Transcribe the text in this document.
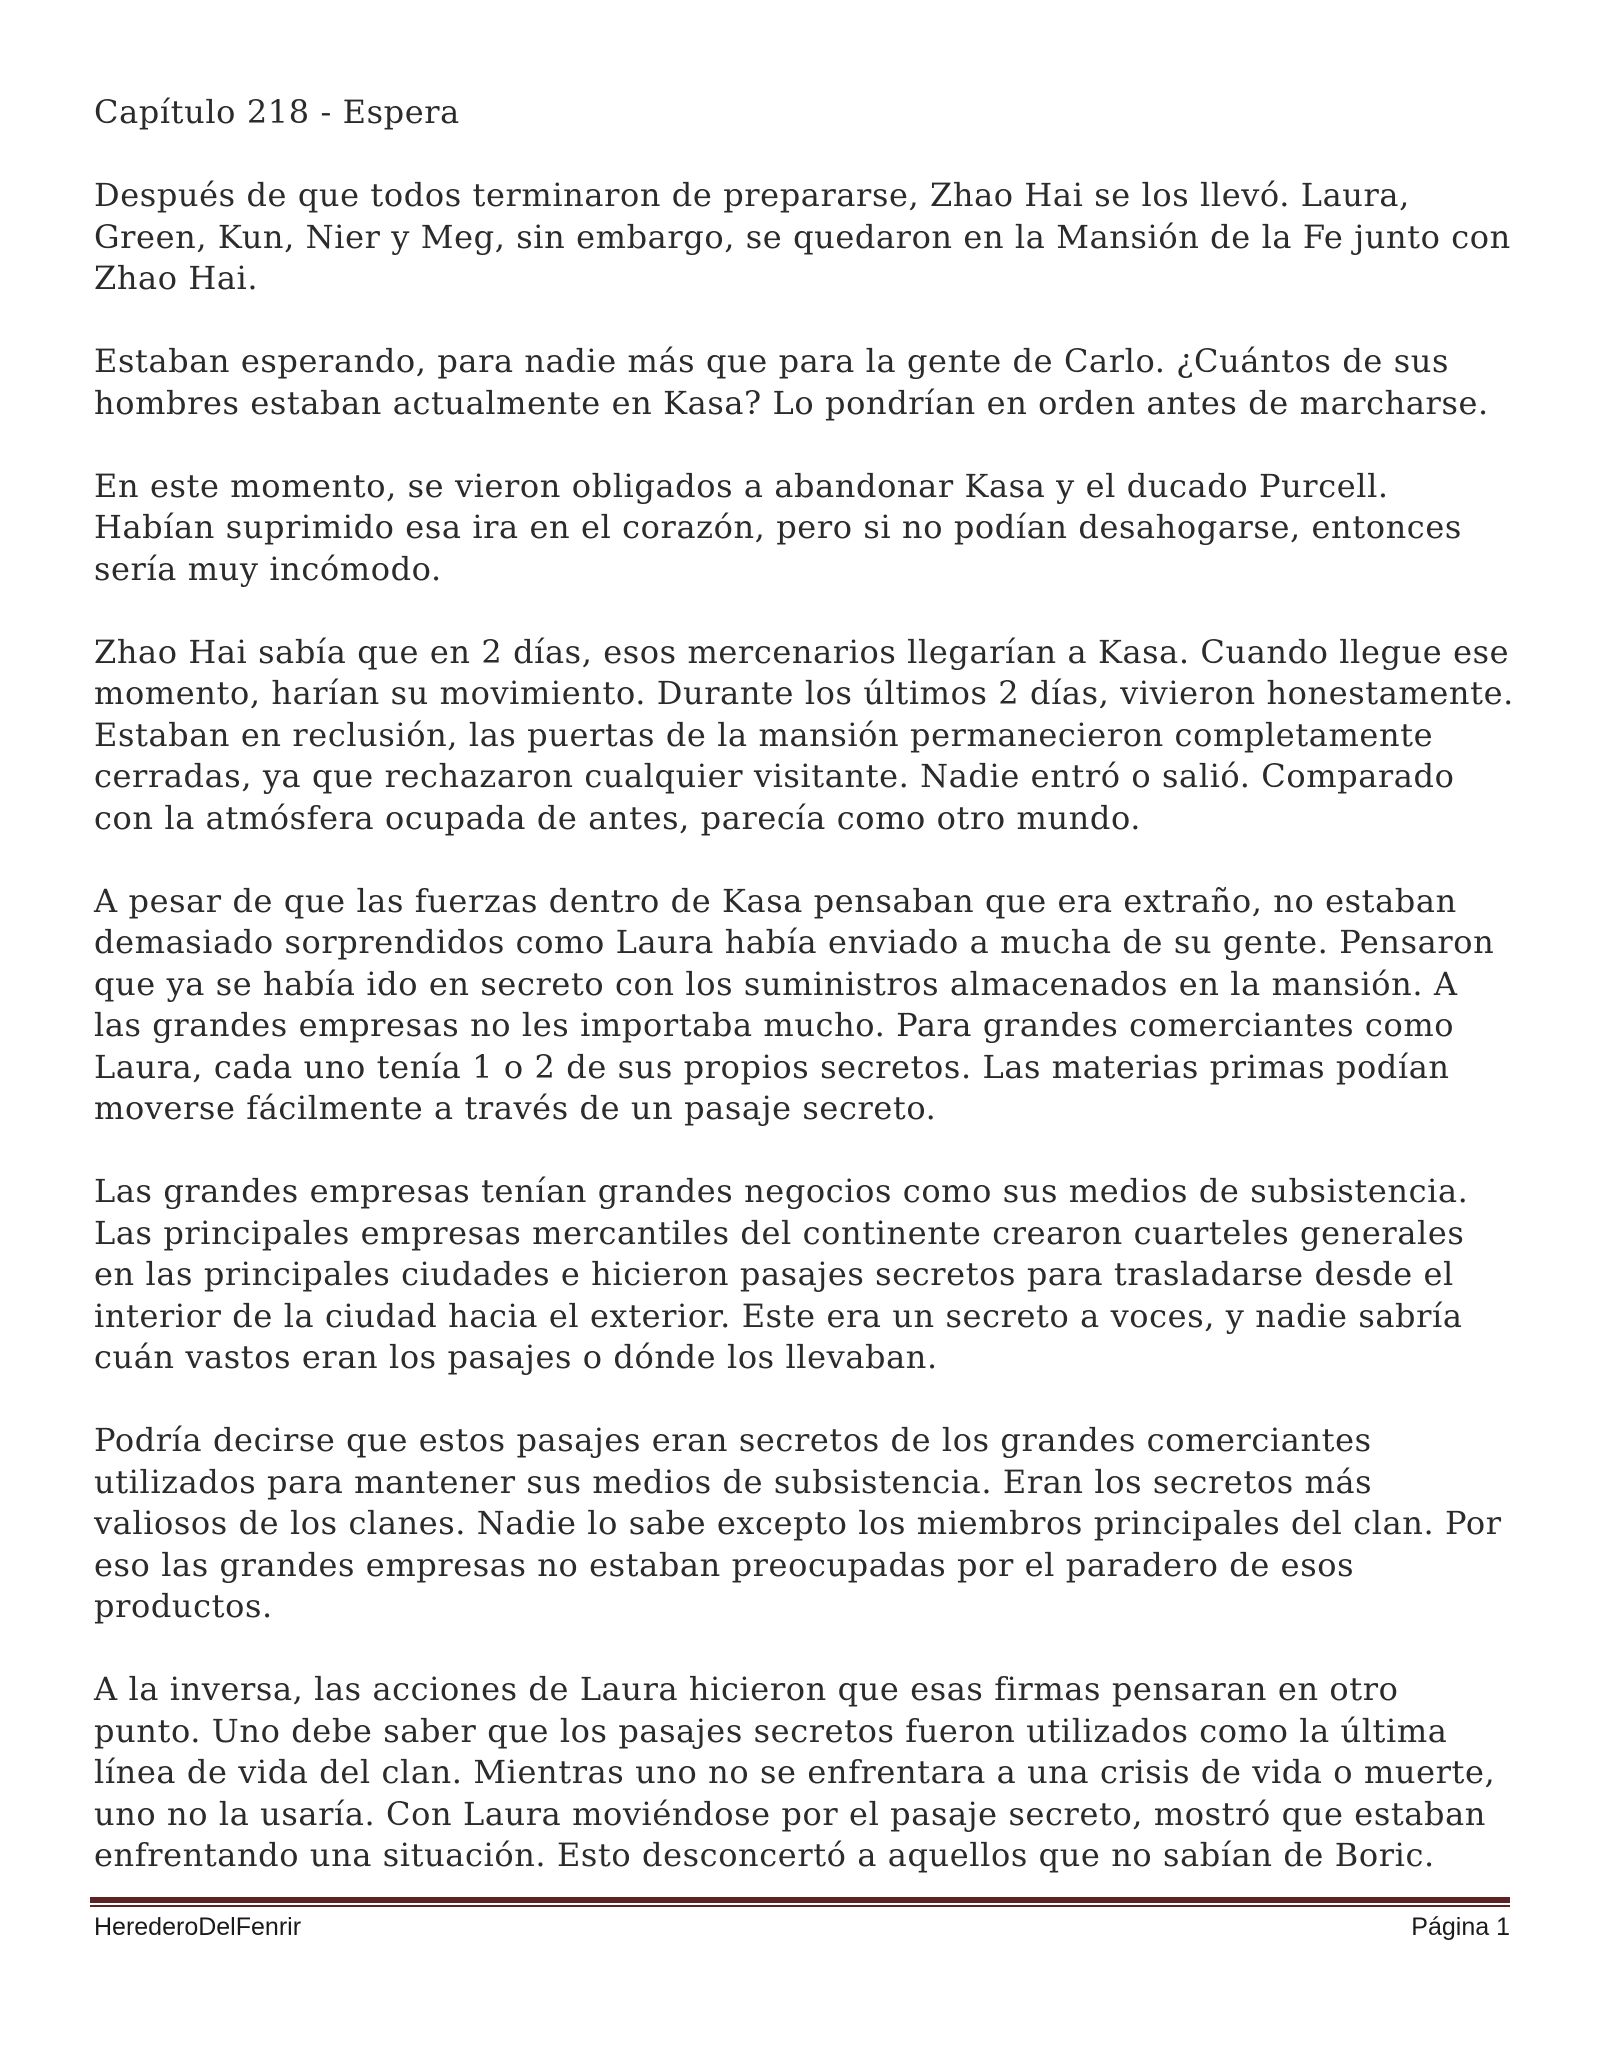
Capítulo 218 - Espera

Después de que todos terminaron de prepararse, Zhao Hai se los llevó. Laura, Green, Kun, Nier y Meg, sin embargo, se quedaron en la Mansión de la Fe junto con Zhao Hai.

Estaban esperando, para nadie más que para la gente de Carlo. ¿Cuántos de sus hombres estaban actualmente en Kasa? Lo pondrían en orden antes de marcharse.

En este momento, se vieron obligados a abandonar Kasa y el ducado Purcell. Habían suprimido esa ira en el corazón, pero si no podían desahogarse, entonces sería muy incómodo.

Zhao Hai sabía que en 2 días, esos mercenarios llegarían a Kasa. Cuando llegue ese momento, harían su movimiento. Durante los últimos 2 días, vivieron honestamente. Estaban en reclusión, las puertas de la mansión permanecieron completamente cerradas, ya que rechazaron cualquier visitante. Nadie entró o salió. Comparado con la atmósfera ocupada de antes, parecía como otro mundo.

A pesar de que las fuerzas dentro de Kasa pensaban que era extraño, no estaban demasiado sorprendidos como Laura había enviado a mucha de su gente. Pensaron que ya se había ido en secreto con los suministros almacenados en la mansión. A las grandes empresas no les importaba mucho. Para grandes comerciantes como Laura, cada uno tenía 1 o 2 de sus propios secretos. Las materias primas podían moverse fácilmente a través de un pasaje secreto.

Las grandes empresas tenían grandes negocios como sus medios de subsistencia. Las principales empresas mercantiles del continente crearon cuarteles generales en las principales ciudades e hicieron pasajes secretos para trasladarse desde el interior de la ciudad hacia el exterior. Este era un secreto a voces, y nadie sabría cuán vastos eran los pasajes o dónde los llevaban.

Podría decirse que estos pasajes eran secretos de los grandes comerciantes utilizados para mantener sus medios de subsistencia. Eran los secretos más valiosos de los clanes. Nadie lo sabe excepto los miembros principales del clan. Por eso las grandes empresas no estaban preocupadas por el paradero de esos productos.

A la inversa, las acciones de Laura hicieron que esas firmas pensaran en otro punto. Uno debe saber que los pasajes secretos fueron utilizados como la última línea de vida del clan. Mientras uno no se enfrentara a una crisis de vida o muerte, uno no la usaría. Con Laura moviéndose por el pasaje secreto, mostró que estaban enfrentando una situación. Esto desconcertó a aquellos que no sabían de Boric.

HerederoDelFenrir	Página 1
